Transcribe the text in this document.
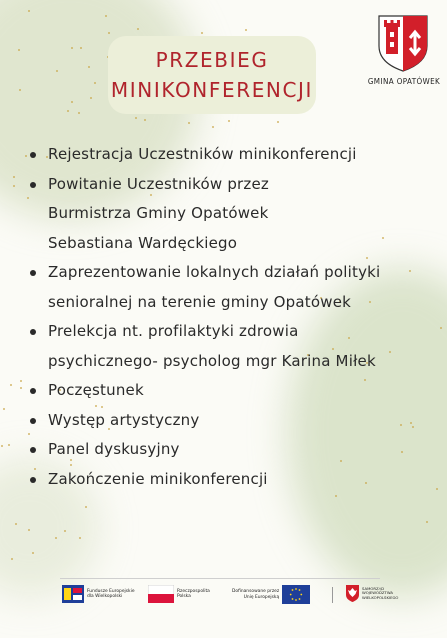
PRZEBIEG
MINIKONFERENCJI	GMINA OPATÓWEK
Rejestracja Uczestników minikonferencji
Powitanie Uczestników przez
Burmistrza Gminy Opatówek
Sebastiana Wardęckiego
Zaprezentowanie lokalnych działań polityki
senioralnej na terenie gminy Opatówek
Prelekcja nt. profilaktyki zdrowia
psychicznego- psycholog mgr Karina Miłek
Poczęstunek
Występ artystyczny
Panel dyskusyjny
Zakończenie minikonferencji
Fundusze Europejskie
dla Wielkopolski
Rzeczpospolita
Polska
Dofinansowane przez
Unię Europejską
SAMORZĄD
WOJEWÓDZTWA
WIELKOPOLSKIEGO
